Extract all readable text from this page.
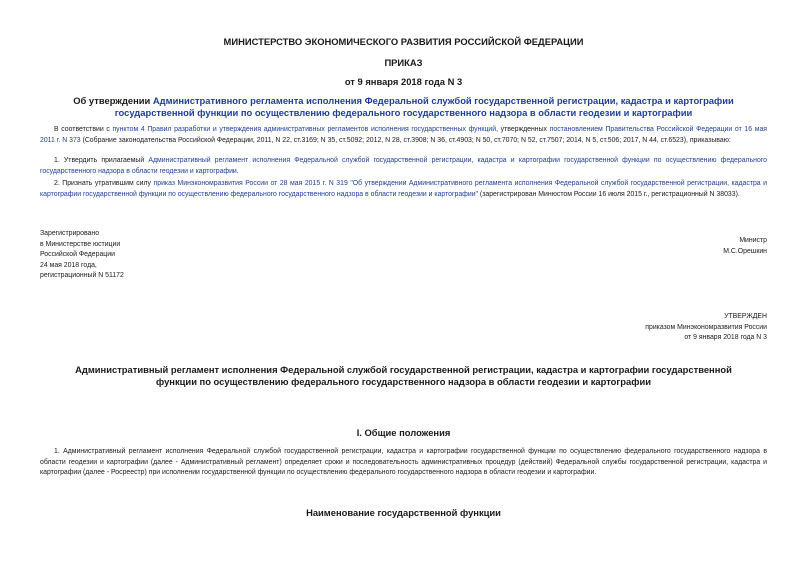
МИНИСТЕРСТВО ЭКОНОМИЧЕСКОГО РАЗВИТИЯ РОССИЙСКОЙ ФЕДЕРАЦИИ
ПРИКАЗ
от 9 января 2018 года N 3
Об утверждении Административного регламента исполнения Федеральной службой государственной регистрации, кадастра и картографии государственной функции по осуществлению федерального государственного надзора в области геодезии и картографии
В соответствии с пунктом 4 Правил разработки и утверждения административных регламентов исполнения государственных функций, утвержденных постановлением Правительства Российской Федерации от 16 мая 2011 г. N 373 (Собрание законодательства Российской Федерации, 2011, N 22, ст.3169; N 35, ст.5092; 2012, N 28, ст.3908; N 36, ст.4903; N 50, ст.7070; N 52, ст.7507; 2014, N 5, ст.506; 2017, N 44, ст.6523), приказываю:
1. Утвердить прилагаемый Административный регламент исполнения Федеральной службой государственной регистрации, кадастра и картографии государственной функции по осуществлению федерального государственного надзора в области геодезии и картографии.
2. Признать утратившим силу приказ Минэкономразвития России от 28 мая 2015 г. N 319 "Об утверждении Административного регламента исполнения Федеральной службой государственной регистрации, кадастра и картографии государственной функции по осуществлению федерального государственного надзора в области геодезии и картографии" (зарегистрирован Минюстом России 16 июля 2015 г., регистрационный N 38033).
Министр
М.С.Орешкин
Зарегистрировано
в Министерстве юстиции
Российской Федерации
24 мая 2018 года,
регистрационный N 51172
УТВЕРЖДЕН
приказом Минэкономразвития России
от 9 января 2018 года N 3
Административный регламент исполнения Федеральной службой государственной регистрации, кадастра и картографии государственной функции по осуществлению федерального государственного надзора в области геодезии и картографии
I. Общие положения
1. Административный регламент исполнения Федеральной службой государственной регистрации, кадастра и картографии государственной функции по осуществлению федерального государственного надзора в области геодезии и картографии (далее - Административный регламент) определяет сроки и последовательность административных процедур (действий) Федеральной службы государственной регистрации, кадастра и картографии (далее - Росреестр) при исполнении государственной функции по осуществлению федерального государственного надзора в области геодезии и картографии.
Наименование государственной функции
